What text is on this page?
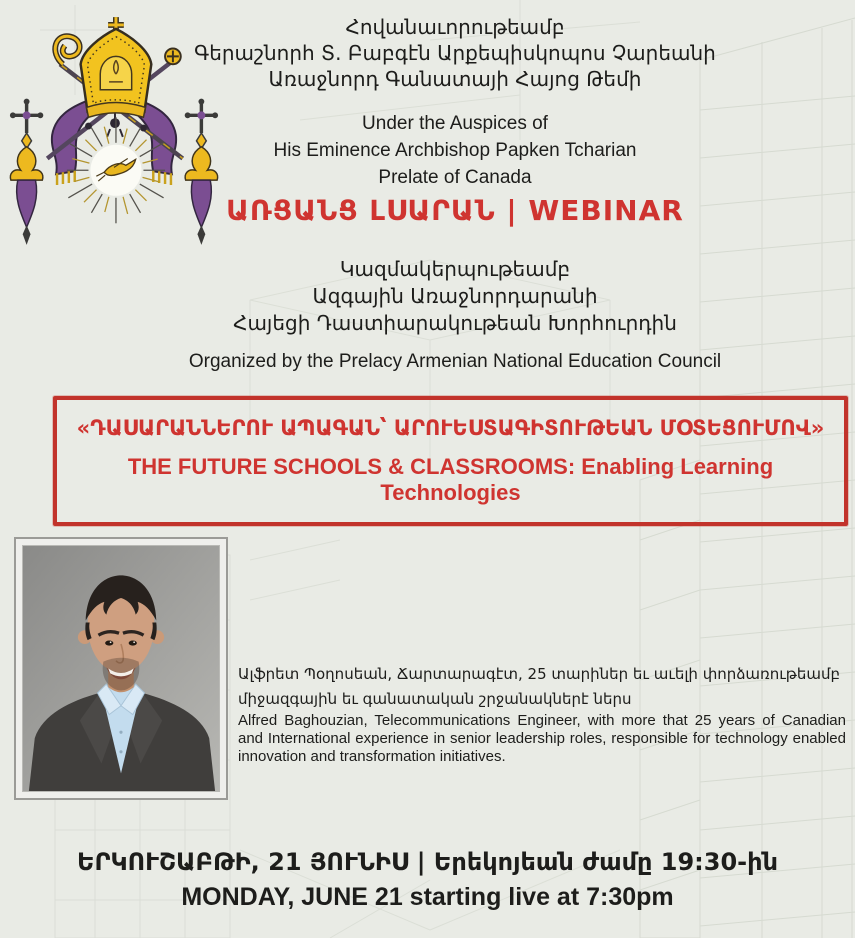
Հովանաւորութեամբ
Գերաշնորհ Տ. Բաբգէն Արքեպիսկոպոս Չարեանի
Առաջնորդ Գանատայի Հայոց Թեմի
Under the Auspices of
His Eminence Archbishop Papken Tcharian
Prelate of Canada
ԱՌՑԱՆՑ ԼՍԱՐԱՆ | WEBINAR
Կազմակերպութեամբ
Ազգային Առաջնորդարանի
Հայեցի Դաստիարակութեան Խորհուրդին
Organized by the Prelacy Armenian National Education Council
«ԴԱՍԱՐԱՆՆԵՐՈՒ ԱՊԱԳԱՆ՝ ԱՐՈՒԵՍՏԱԳԻՏՈՒԹԵԱՆ ՄՕՏԵՑՈՒՄՈՎ»
THE FUTURE SCHOOLS & CLASSROOMS: Enabling Learning Technologies

Ալֆրետ Պօղոսեան, Ճարտարագէտ, 25 տարիներ եւ աւելի փորձառութեամբ միջազգային եւ գանատական շրջանակներէ ներս

Alfred Baghouzian, Telecommunications Engineer, with more that 25 years of Canadian and International experience in senior leadership roles, responsible for technology enabled innovation and transformation initiatives.

ԵՐԿՈՒՇԱԲԹԻ, 21 ՅՈՒՆԻՍ | Երեկոյեան ժամը 19:30-ին
MONDAY, JUNE 21 starting live at 7:30pm
